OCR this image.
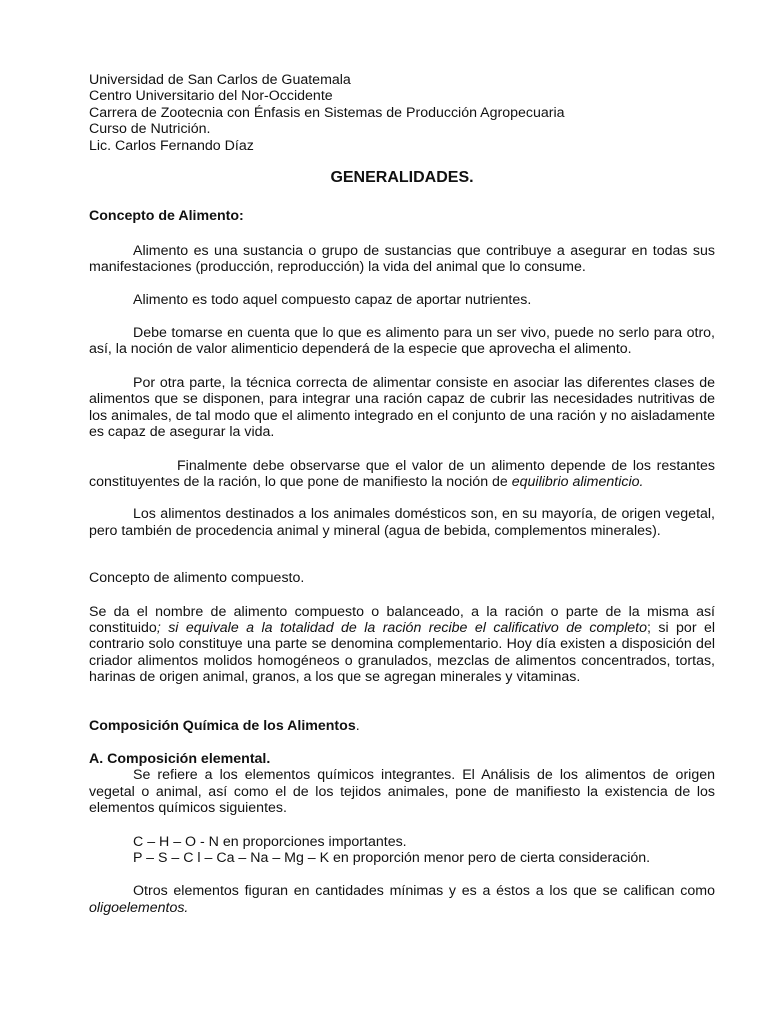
Universidad de San Carlos de Guatemala

Centro Universitario del Nor-Occidente

Carrera de Zootecnia con Énfasis en Sistemas de Producción Agropecuaria

Curso de Nutrición.

Lic. Carlos Fernando Díaz

GENERALIDADES.

Concepto de Alimento:

Alimento es una sustancia o grupo de sustancias que contribuye a asegurar en todas sus manifestaciones (producción, reproducción) la vida del animal que lo consume.

Alimento es todo aquel compuesto capaz de aportar nutrientes.

Debe tomarse en cuenta que lo que es alimento para un ser vivo, puede no serlo para otro, así, la noción de valor alimenticio dependerá de la especie que aprovecha el alimento.

Por otra parte, la técnica correcta de alimentar consiste en asociar las diferentes clases de alimentos que se disponen, para integrar una ración capaz de cubrir las necesidades nutritivas de los animales, de tal modo que el alimento integrado en el conjunto de una ración y no aisladamente es capaz de asegurar la vida.

Finalmente debe observarse que el valor de un alimento depende de los restantes constituyentes de la ración, lo que pone de manifiesto la noción de equilibrio alimenticio.

Los alimentos destinados a los animales domésticos son, en su mayoría, de origen vegetal, pero también de procedencia animal y mineral (agua de bebida, complementos minerales).

Concepto de alimento compuesto.

Se da el nombre de alimento compuesto o balanceado, a la ración o parte de la misma así constituido; si equivale a la totalidad de la ración recibe el calificativo de completo; si por el contrario solo constituye una parte se denomina complementario. Hoy día existen a disposición del criador alimentos molidos homogéneos o granulados, mezclas de alimentos concentrados, tortas, harinas de origen animal, granos, a los que se agregan minerales y vitaminas.

Composición Química de los Alimentos.

A. Composición elemental.

Se refiere a los elementos químicos integrantes. El Análisis de los alimentos de origen vegetal o animal, así como el de los tejidos animales, pone de manifiesto la existencia de los elementos químicos siguientes.

C – H – O - N en proporciones importantes.

P – S – C l – Ca – Na – Mg – K en proporción menor pero de cierta consideración.

Otros elementos figuran en cantidades mínimas y es a éstos a los que se califican como oligoelementos.
